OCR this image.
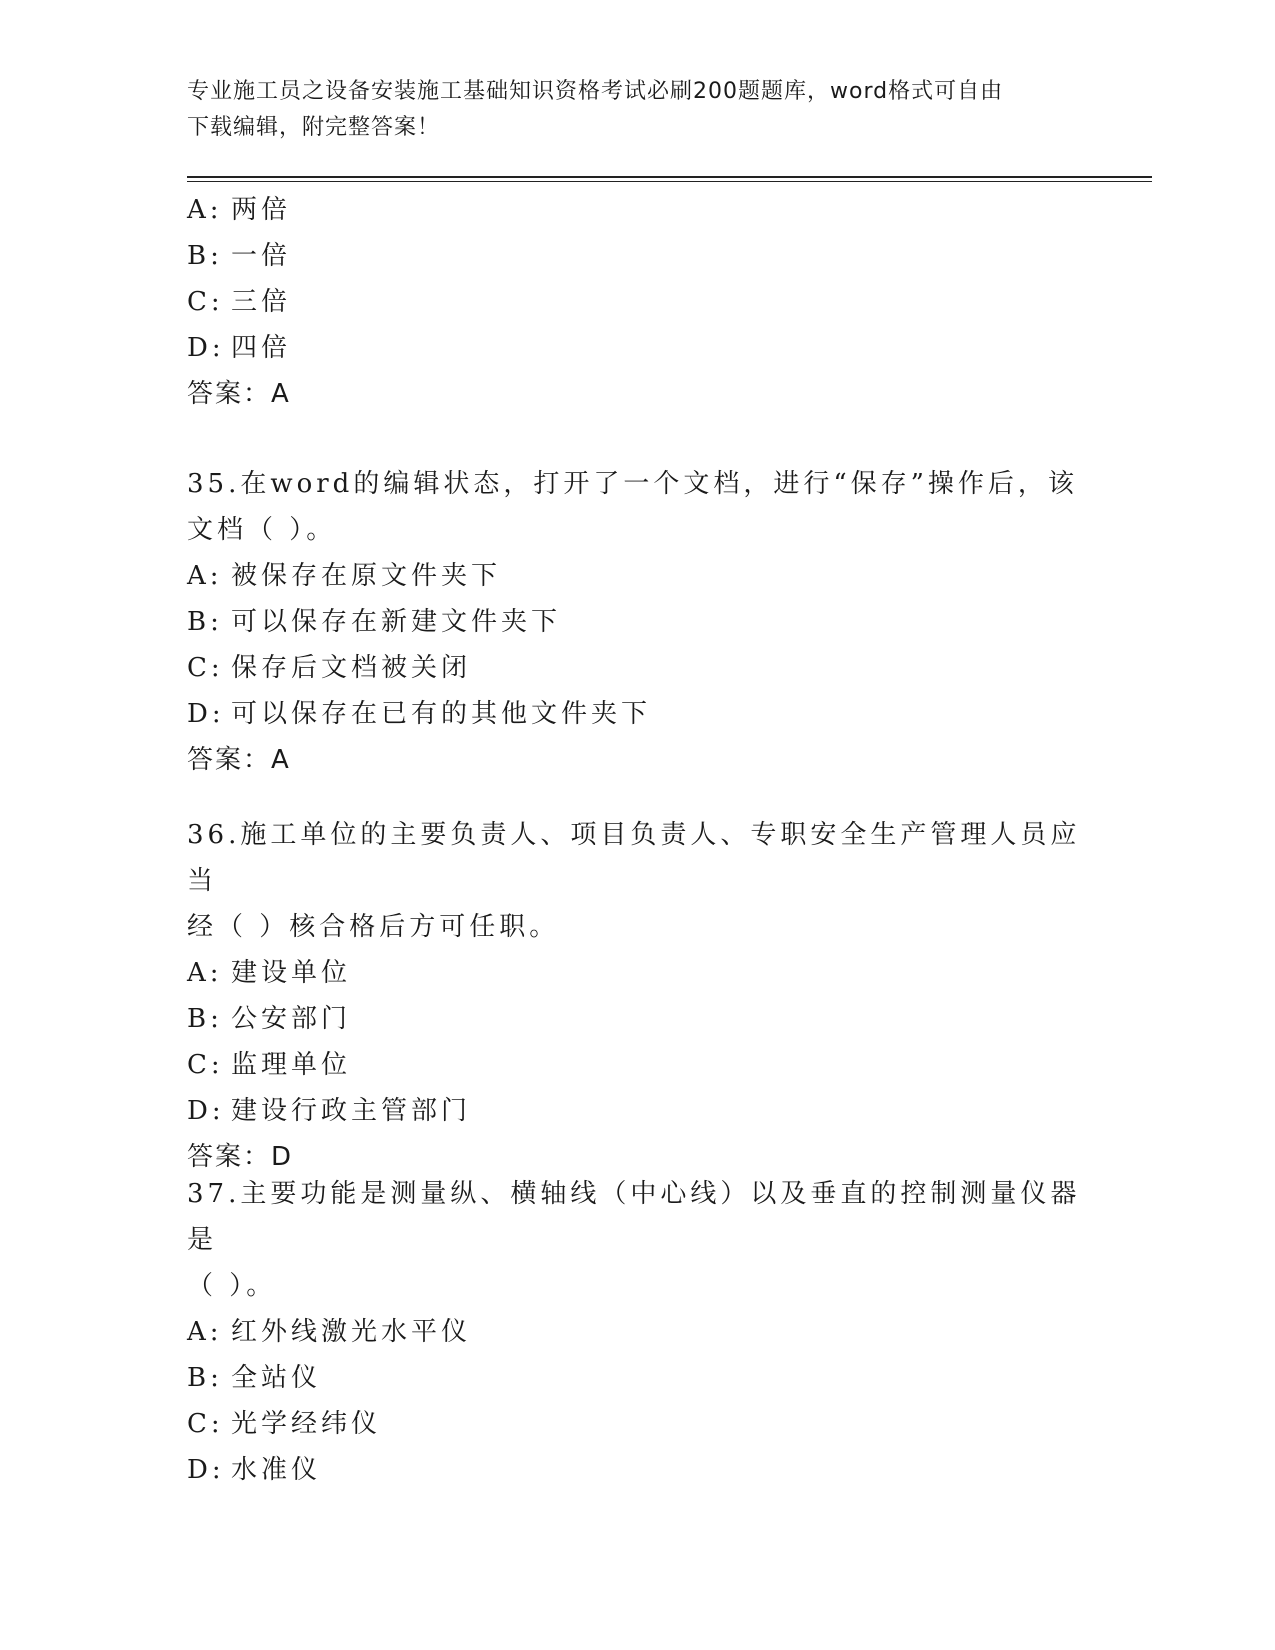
专业施工员之设备安装施工基础知识资格考试必刷200题题库，word格式可自由
下载编辑，附完整答案！
A: 两倍
B: 一倍
C: 三倍
D: 四倍
答案：A
35.在word的编辑状态，打开了一个文档，进行“保存”操作后，该
文档（ ）。
A: 被保存在原文件夹下
B: 可以保存在新建文件夹下
C: 保存后文档被关闭
D: 可以保存在已有的其他文件夹下
答案：A
36.施工单位的主要负责人、项目负责人、专职安全生产管理人员应当
经（ ）核合格后方可任职。
A: 建设单位
B: 公安部门
C: 监理单位
D: 建设行政主管部门
答案：D
37.主要功能是测量纵、横轴线（中心线）以及垂直的控制测量仪器是
（ ）。
A: 红外线激光水平仪
B: 全站仪
C: 光学经纬仪
D: 水准仪
